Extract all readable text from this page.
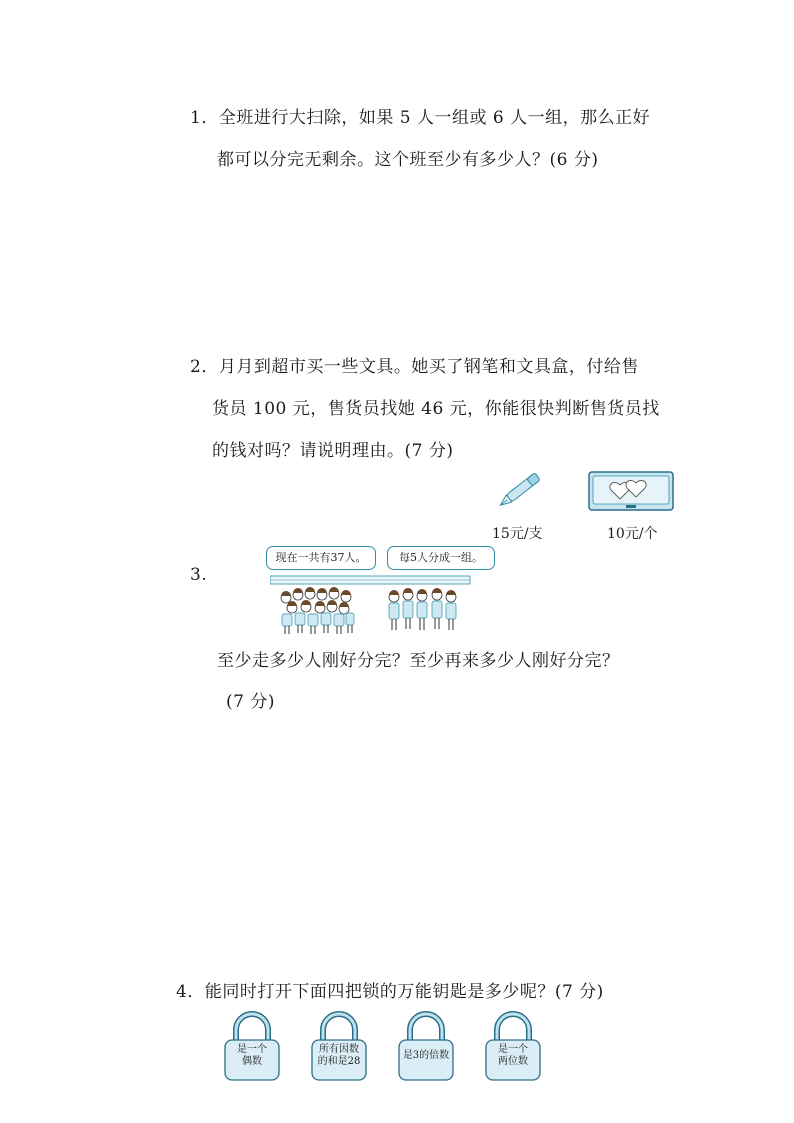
1．全班进行大扫除，如果 5 人一组或 6 人一组，那么正好
都可以分完无剩余。这个班至少有多少人？(6 分)
2．月月到超市买一些文具。她买了钢笔和文具盒，付给售
货员 100 元，售货员找她 46 元，你能很快判断售货员找
的钱对吗？请说明理由。(7 分)
15元/支	10元/个
3.
现在一共有37人。	每5人分成一组。
至少走多少人刚好分完？至少再来多少人刚好分完？
(7 分)
4．能同时打开下面四把锁的万能钥匙是多少呢？(7 分)
是一个
偶数
所有因数
的和是28
是3的倍数
是一个
两位数
